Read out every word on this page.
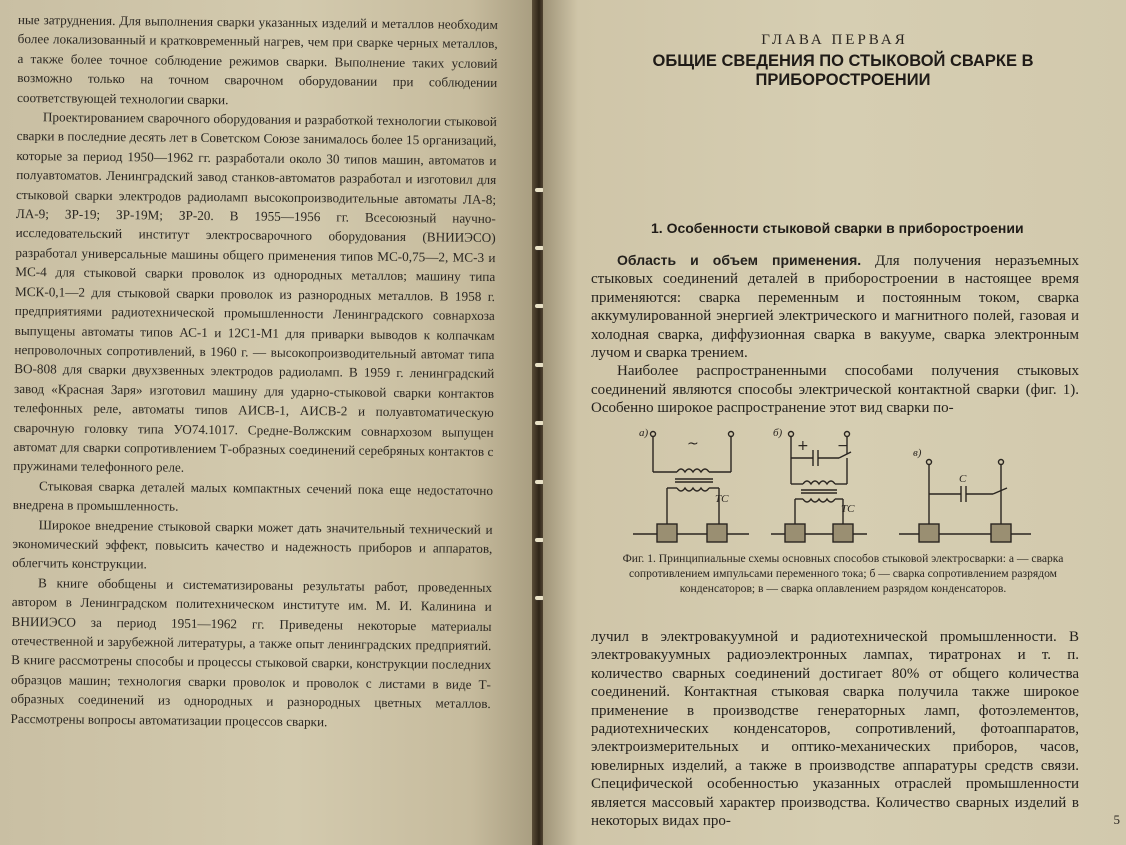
ные затруднения. Для выполнения сварки указанных изделий и металлов необходим более локализованный и кратковременный нагрев, чем при сварке черных металлов, а также более точное соблюдение режимов сварки. Выполнение таких условий возможно только на точном сварочном оборудовании при соблюдении соответствующей технологии сварки.

Проектированием сварочного оборудования и разработкой технологии стыковой сварки в последние десять лет в Советском Союзе занималось более 15 организаций, которые за период 1950—1962 гг. разработали около 30 типов машин, автоматов и полуавтоматов. Ленинградский завод станков-автоматов разработал и изготовил для стыковой сварки электродов радиоламп высокопроизводительные автоматы ЛА-8; ЛА-9; ЗР-19; ЗР-19М; ЗР-20. В 1955—1956 гг. Всесоюзный научно-исследовательский институт электросварочного оборудования (ВНИИЭСО) разработал универсальные машины общего применения типов МС-0,75—2, МС-3 и МС-4 для стыковой сварки проволок из однородных металлов; машину типа МСК-0,1—2 для стыковой сварки проволок из разнородных металлов. В 1958 г. предприятиями радиотехнической промышленности Ленинградского совнархоза выпущены автоматы типов АС-1 и 12С1-М1 для приварки выводов к колпачкам непроволочных сопротивлений, в 1960 г. — высокопроизводительный автомат типа ВО-808 для сварки двухзвенных электродов радиоламп. В 1959 г. ленинградский завод «Красная Заря» изготовил машину для ударно-стыковой сварки контактов телефонных реле, автоматы типов АИСВ-1, АИСВ-2 и полуавтоматическую сварочную головку типа УО74.1017. Средне-Волжским совнархозом выпущен автомат для сварки сопротивлением Т-образных соединений серебряных контактов с пружинами телефонного реле.

Стыковая сварка деталей малых компактных сечений пока еще недостаточно внедрена в промышленность.

Широкое внедрение стыковой сварки может дать значительный технический и экономический эффект, повысить качество и надежность приборов и аппаратов, облегчить конструкции.

В книге обобщены и систематизированы результаты работ, проведенных автором в Ленинградском политехническом институте им. М. И. Калинина и ВНИИЭСО за период 1951—1962 гг. Приведены некоторые материалы отечественной и зарубежной литературы, а также опыт ленинградских предприятий. В книге рассмотрены способы и процессы стыковой сварки, конструкции последних образцов машин; технология сварки проволок и проволок с листами в виде Т-образных соединений из однородных и разнородных цветных металлов. Рассмотрены вопросы автоматизации процессов сварки.

ГЛАВА ПЕРВАЯ
ОБЩИЕ СВЕДЕНИЯ ПО СТЫКОВОЙ СВАРКЕ В ПРИБОРОСТРОЕНИИ
1. Особенности стыковой сварки в приборостроении

Область и объем применения. Для получения неразъемных стыковых соединений деталей в приборостроении в настоящее время применяются: сварка переменным и постоянным током, сварка аккумулированной энергией электрического и магнитного полей, газовая и холодная сварка, диффузионная сварка в вакууме, сварка электронным лучом и сварка трением.

Наиболее распространенными способами получения стыковых соединений являются способы электрической контактной сварки (фиг. 1). Особенно широкое распространение этот вид сварки по-

а)	б)
в)
ТС
ТС
С
~	+ −
Фиг. 1. Принципиальные схемы основных способов стыковой электросварки: а — сварка сопротивлением импульсами переменного тока; б — сварка сопротивлением разрядом конденсаторов; в — сварка оплавлением разрядом конденсаторов.

лучил в электровакуумной и радиотехнической промышленности. В электровакуумных радиоэлектронных лампах, тиратронах и т. п. количество сварных соединений достигает 80% от общего количества соединений. Контактная стыковая сварка получила также широкое применение в производстве генераторных ламп, фотоэлементов, радиотехнических конденсаторов, сопротивлений, фотоаппаратов, электроизмерительных и оптико-механических приборов, часов, ювелирных изделий, а также в производстве аппаратуры средств связи. Специфической особенностью указанных отраслей промышленности является массовый характер производства. Количество сварных изделий в некоторых видах про-	5
